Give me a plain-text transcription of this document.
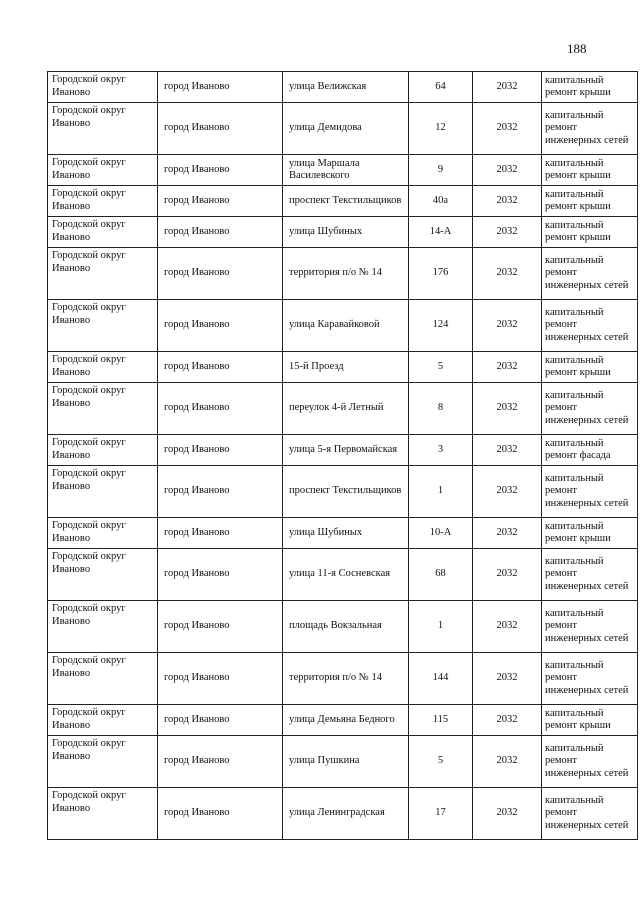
188
Городской округ
Иваново	город Иваново	улица Велижская	64	2032	капитальный ремонт крыши

Городской округ
Иваново	город Иваново	улица Демидова	12	2032	капитальный ремонт инженерных сетей

Городской округ
Иваново	город Иваново	улица Маршала Василевского	9	2032	капитальный ремонт крыши

Городской округ
Иваново	город Иваново	проспект Текстильщиков	40а	2032	капитальный ремонт крыши

Городской округ
Иваново	город Иваново	улица Шубиных	14-А	2032	капитальный ремонт крыши

Городской округ
Иваново	город Иваново	территория п/о № 14	176	2032	капитальный ремонт инженерных сетей

Городской округ
Иваново	город Иваново	улица Каравайковой	124	2032	капитальный ремонт инженерных сетей

Городской округ
Иваново	город Иваново	15-й Проезд	5	2032	капитальный ремонт крыши

Городской округ
Иваново	город Иваново	переулок 4-й Летный	8	2032	капитальный ремонт инженерных сетей

Городской округ
Иваново	город Иваново	улица 5-я Первомайская	3	2032	капитальный ремонт фасада

Городской округ
Иваново	город Иваново	проспект Текстильщиков	1	2032	капитальный ремонт инженерных сетей

Городской округ
Иваново	город Иваново	улица Шубиных	10-А	2032	капитальный ремонт крыши

Городской округ
Иваново	город Иваново	улица 11-я Сосневская	68	2032	капитальный ремонт инженерных сетей

Городской округ
Иваново	город Иваново	площадь Вокзальная	1	2032	капитальный ремонт инженерных сетей

Городской округ
Иваново	город Иваново	территория п/о № 14	144	2032	капитальный ремонт инженерных сетей

Городской округ
Иваново	город Иваново	улица Демьяна Бедного	115	2032	капитальный ремонт крыши

Городской округ
Иваново	город Иваново	улица Пушкина	5	2032	капитальный ремонт инженерных сетей

Городской округ
Иваново	город Иваново	улица Ленинградская	17	2032	капитальный ремонт инженерных сетей
